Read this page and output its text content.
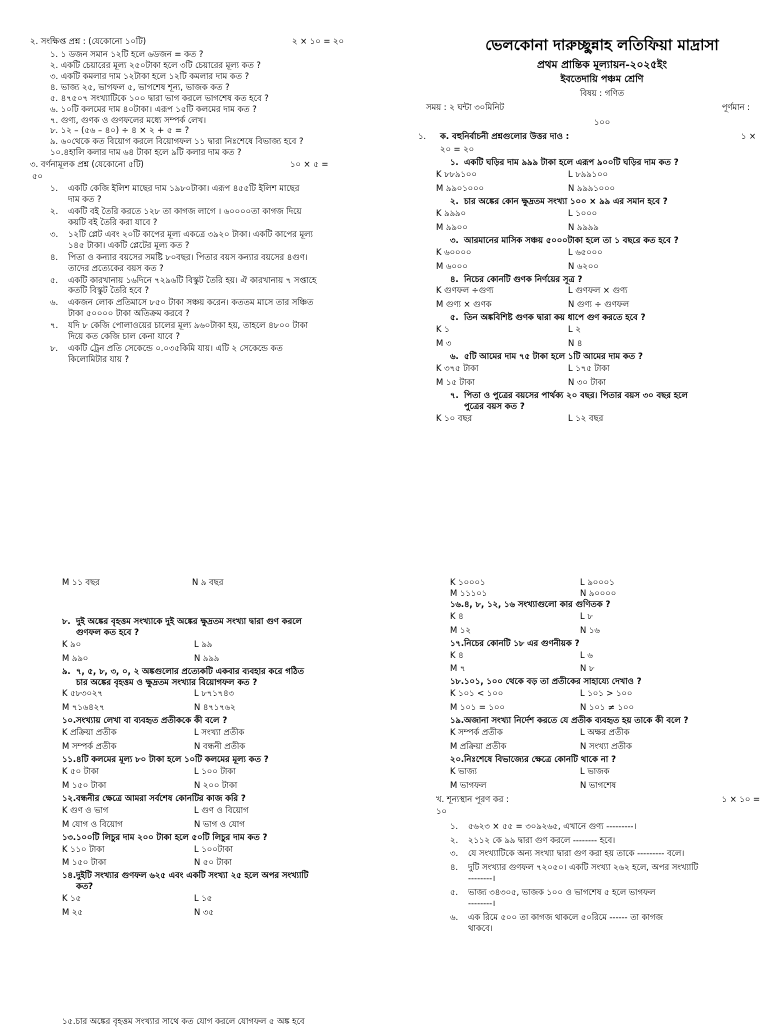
ভেলকোনা দারুচ্ছুন্নাহ লতিফিয়া মাদ্রাসা
প্রথম প্রান্তিক মূল্যায়ন-২০২৫ইং
ইবতেদায়ি পঞ্চম শ্রেণি
বিষয় : গণিত
সময় : ২ ঘন্টা ৩০মিনিট	পূর্ণমান :
১০০
১. ক. বহুনির্বাচনী প্রশ্নগুলোর উত্তর দাও :	১ ×
২০ = ২০
১. একটি ঘড়ির দাম ৯৯৯ টাকা হলে এরূপ ৯০০টি ঘড়ির দাম কত ?
K ৮৮৯১০০	L ৮৯৯১০০
M ৯৯০১০০০	N ৯৯৯১০০০
২. চার অঙ্কের কোন ক্ষুদ্রতম সংখ্যা ১০০ × ৯৯ এর সমান হবে ?
K ৯৯৯০	L ১০০০
M ৯৯০০	N ৯৯৯৯
৩. আরমানের মাসিক সঞ্চয় ৫০০০টাকা হলে তা ১ বছরে কত হবে ?
K ৬০০০০	L ৬৫০০০
M ৬০০০	N ৬২০০
৪. নিচের কোনটি গুণক নির্ণয়ের সূত্র ?
K গুণফল ÷গুণ্য	L গুণফল × গুণ্য
M গুণ্য × গুণক	N গুণ্য ÷ গুণফল
৫. তিন অঙ্কবিশিষ্ট গুণক দ্বারা কয় ধাপে গুণ করতে হবে ?
K ১	L ২
M ৩	N ৪
৬. ৫টি আমের দাম ৭৫ টাকা হলে ১টি আমের দাম কত ?
K ৩৭৫ টাকা	L ১৭৫ টাকা
M ১৫ টাকা	N ৩০ টাকা
৭. পিতা ও পুত্রের বয়সের পার্থক্য ২০ বছর। পিতার বয়স ৩০ বছর হলে
পুত্রের বয়স কত ?
K ১০ বছর	L ১২ বছর
২. সংক্ষিপ্ত প্রশ্ন : (যেকোনো ১০টি)	২ × ১০ = ২০
১. ১ ডজন সমান ১২টি হলে ৬ডজন = কত ?
২. একটি চেয়ারের মূল্য ২৫০টাকা হলে ৩টি চেয়ারের মূল্য কত ?
৩. একটি কমলার দাম ১২টাকা হলে ১২টি কমলার দাম কত ?
৪. ভাজ্য ২৫, ভাগফল ৫, ভাগশেষ শূন্য, ভাজক কত ?
৫. ৪৭৫০৭ সংখ্যাটিকে ১০০ দ্বারা ভাগ করলে ভাগশেষ কত হবে ?
৬. ১০টি কলমের দাম ৪০টাকা। এরূপ ১৫টি কলমের দাম কত ?
৭. গুণ্য, গুণক ও গুণফলের মধ্যে সম্পর্ক লেখ।
৮. ১২ – (৫৬ – ৪০) ÷ ৪ × ২ + ৫ = ?
৯. ৬০থেকে কত বিয়োগ করলে বিয়োগফল ১১ দ্বারা নিঃশেষে বিভাজ্য হবে ?
১০.৪হালি কলার দাম ৬৪ টাকা হলে ৯টি কলার দাম কত ?
৩. বর্ণনামূলক প্রশ্ন (যেকোনো ৫টি)	১০ × ৫ =
৫০
১. একটি কেজি ইলিশ মাছের দাম ১৯৮০টাকা। এরূপ ৪৫৫টি ইলিশ মাছের
দাম কত ?
২. একটি বই তৈরি করতে ১২৮ তা কাগজ লাগে । ৬০০০০তা কাগজ দিয়ে
কয়টি বই তৈরি করা যাবে ?
৩. ১২টি প্লেট এবং ২০টি কাপের মূল্য একত্রে ৩৯২০ টাকা। একটি কাপের মূল্য
১৪৫ টাকা। একটি প্লেটের মূল্য কত ?
৪. পিতা ও কন্যার বয়সের সমষ্টি ৮০বছর। পিতার বয়স কন্যার বয়সের ৪গুণ।
তাদের প্রত্যেকের বয়স কত ?
৫. একটি কারখানায় ১৬দিনে ৭২৯৬টি বিস্কুট তৈরি হয়। ঐ কারখানায় ৭ সপ্তাহে
কতটি বিস্কুট তৈরি হবে ?
৬. একজন লোক প্রতিমাসে ৮৫০ টাকা সঞ্চয় করেন। কততম মাসে তার সঞ্চিত
টাকা ৫০০০০ টাকা অতিক্রম করবে ?
৭. যদি ৮ কেজি পোলাওয়ের চালের মূল্য ৯৬০টাকা হয়, তাহলে ৪৮০০ টাকা
দিয়ে কত কেজি চাল কেনা যাবে ?
৮. একটি ট্রেন প্রতি সেকেন্ডে ০.০৩৫কিমি যায়। এটি ২ সেকেন্ডে কত
কিলোমিটার যায় ?
M ১১ বছর	N ৯ বছর
৮. দুই অঙ্কের বৃহত্তম সংখ্যাকে দুই অঙ্কের ক্ষুদ্রতম সংখ্যা দ্বারা গুণ করলে
গুণফল কত হবে ?
K ৯০	L ৯৯
M ৯৯০	N ৯৯৯
৯. ৭, ৫, ৮, ৩, ০, ২ অঙ্কগুলোর প্রত্যেকটি একবার ব্যবহার করে গঠিত
চার অঙ্কের বৃহত্তম ও ক্ষুদ্রতম সংখ্যার বিয়োগফল কত ?
K ৫৮৩০২৭	L ৮৭১৭৪৩
M ৭১৬৪২৭	N ৪৭১৭৬২
১০. সংখ্যায় লেখা বা ব্যবহৃত প্রতীককে কী বলে ?
K প্রক্রিয়া প্রতীক	L সংখ্যা প্রতীক
M সম্পর্ক প্রতীক	N বন্ধনী প্রতীক
১১. ৪টি কলমের মূল্য ৮০ টাকা হলে ১০টি কলমের মূল্য কত ?
K ৫০ টাকা	L ১০০ টাকা
M ১৫০ টাকা	N ২০০ টাকা
১২. বন্ধনীর ক্ষেত্রে আমরা সর্বশেষ কোনটির কাজ করি ?
K গুণ ও ভাগ	L গুণ ও বিয়োগ
M যোগ ও বিয়োগ	N ভাগ ও যোগ
১৩. ১০০টি লিচুর দাম ২০০ টাকা হলে ৫০টি লিচুর দাম কত ?
K ১১০ টাকা	L ১০০টাকা
M ১৫০ টাকা	N ৫০ টাকা
১৪. দুইটি সংখ্যার গুণফল ৬২৫ এবং একটি সংখ্যা ২৫ হলে অপর সংখ্যাটি
কত?
K ১৫	L ১৫
M ২৫	N ৩৫
K ১০০০১	L ৯০০০১
M ১১১০১	N ৯০০০০
১৬. ৪, ৮, ১২, ১৬ সংখ্যাগুলো কার গুণিতক ?
K ৪	L ৮
M ১২	N ১৬
১৭. নিচের কোনটি ১৮ এর গুণনীয়ক ?
K ৪	L ৬
M ৭	N ৮
১৮. ১০১, ১০০ থেকে বড় তা প্রতীকের সাহায্যে দেখাও ?
K ১০১ < ১০০	L ১০১ > ১০০
M ১০১ = ১০০	N ১০১ ≠ ১০০
১৯. অজানা সংখ্যা নির্দেশ করতে যে প্রতীক ব্যবহৃত হয় তাকে কী বলে ?
K সম্পর্ক প্রতীক	L অক্ষর প্রতীক
M প্রক্রিয়া প্রতীক	N সংখ্যা প্রতীক
২০. নিঃশেষে বিভাজ্যের ক্ষেত্রে কোনটি থাকে না ?
K ভাজ্য	L ভাজক
M ভাগফল	N ভাগশেষ
খ. শূন্যস্থান পূরণ কর :	১ × ১০ =
১০
১. ৫৬২৩ × ৫৫ = ৩০৯২৬৫, এখানে গুণ্য ---------।
২. ২১১২ কে ৯৯ দ্বারা গুণ করলে -------- হবে।
৩. যে সংখ্যাটিকে অন্য সংখ্যা দ্বারা গুণ করা হয় তাকে --------- বলে।
৪. দুটি সংখ্যার গুণফল ৭২০৫০। একটি সংখ্যা ২৬২ হলে, অপর সংখ্যাটি
--------।
৫. ভাজ্য ৩৪৩০৫, ভাজক ১০০ ও ভাগশেষ ৫ হলে ভাগফল
--------।
৬. এক রিমে ৫০০ তা কাগজ থাকলে ৫০রিমে ------ তা কাগজ
থাকবে।
১৫.চার অঙ্কের বৃহত্তম সংখ্যার সাথে কত যোগ করলে যোগফল ৫ অঙ্ক হবে
